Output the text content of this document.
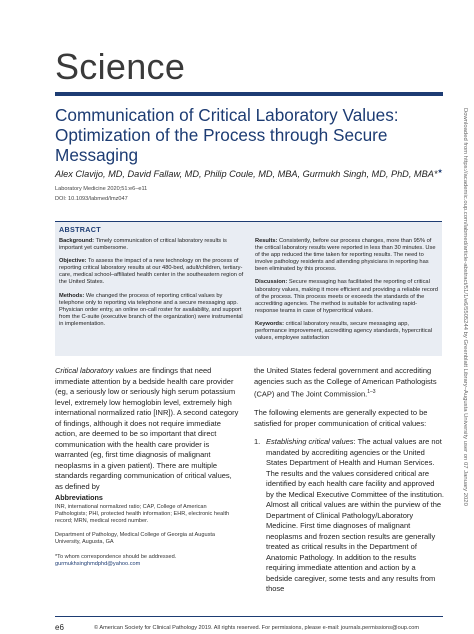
Science
Communication of Critical Laboratory Values: Optimization of the Process through Secure Messaging
Alex Clavijo, MD, David Fallaw, MD, Philip Coule, MD, MBA, Gurmukh Singh, MD, PhD, MBA*★
Laboratory Medicine 2020;51:e6–e11
DOI: 10.1093/labmed/lmz047
ABSTRACT

Background: Timely communication of critical laboratory results is important yet cumbersome.

Objective: To assess the impact of a new technology on the process of reporting critical laboratory results at our 480-bed, adult/children, tertiary-care, medical school–affiliated health center in the southeastern region of the United States.

Methods: We changed the process of reporting critical values by telephone only to reporting via telephone and a secure messaging app. Physician order entry, an online on-call roster for availability, and support from the C-suite (executive branch of the organization) were instrumental in implementation.

Results: Consistently, before our process changes, more than 95% of the critical laboratory results were reported in less than 30 minutes. Use of the app reduced the time taken for reporting results. The need to involve pathology residents and attending physicians in reporting has been eliminated by this process.

Discussion: Secure messaging has facilitated the reporting of critical laboratory values, making it more efficient and providing a reliable record of the process. This process meets or exceeds the standards of the accrediting agencies. The method is suitable for activating rapid-response teams in case of hypercritical values.

Keywords: critical laboratory results, secure messaging app, performance improvement, accrediting agency standards, hypercritical values, employee satisfaction

Critical laboratory values are findings that need immediate attention by a bedside health care provider (eg, a seriously low or seriously high serum potassium level, extremely low hemoglobin level, extremely high international normalized ratio [INR]). A second category of findings, although it does not require immediate action, are deemed to be so important that direct communication with the health care provider is warranted (eg, first time diagnosis of malignant neoplasms in a given patient). There are multiple standards regarding communication of critical values, as defined by

the United States federal government and accrediting agencies such as the College of American Pathologists (CAP) and The Joint Commission.$^{1-3}$

The following elements are generally expected to be satisfied for proper communication of critical values:

1. Establishing critical values: The actual values are not mandated by accrediting agencies or the United States Department of Health and Human Services. The results and the values considered critical are identified by each health care facility and approved by the Medical Executive Committee of the institution. Almost all critical values are within the purview of the Department of Clinical Pathology/Laboratory Medicine. First time diagnoses of malignant neoplasms and frozen section results are generally treated as critical results in the Department of Anatomic Pathology. In addition to the results requiring immediate attention and action by a bedside caregiver, some tests and any results from those
Abbreviations
INR, international normalized ratio; CAP, College of American Pathologists; PHI, protected health information; EHR, electronic health record; MRN, medical record number.
Department of Pathology, Medical College of Georgia at Augusta University, Augusta, GA
*To whom correspondence should be addressed.
gurmukhsinghmdphd@yahoo.com
e6	© American Society for Clinical Pathology 2019. All rights reserved. For permissions, please e-mail: journals.permissions@oup.com
Downloaded from https://academic.oup.com/labmed/article-abstract/51/1/e6/5505244 by Greenblatt Library–Augusta University user on 07 January 2020
